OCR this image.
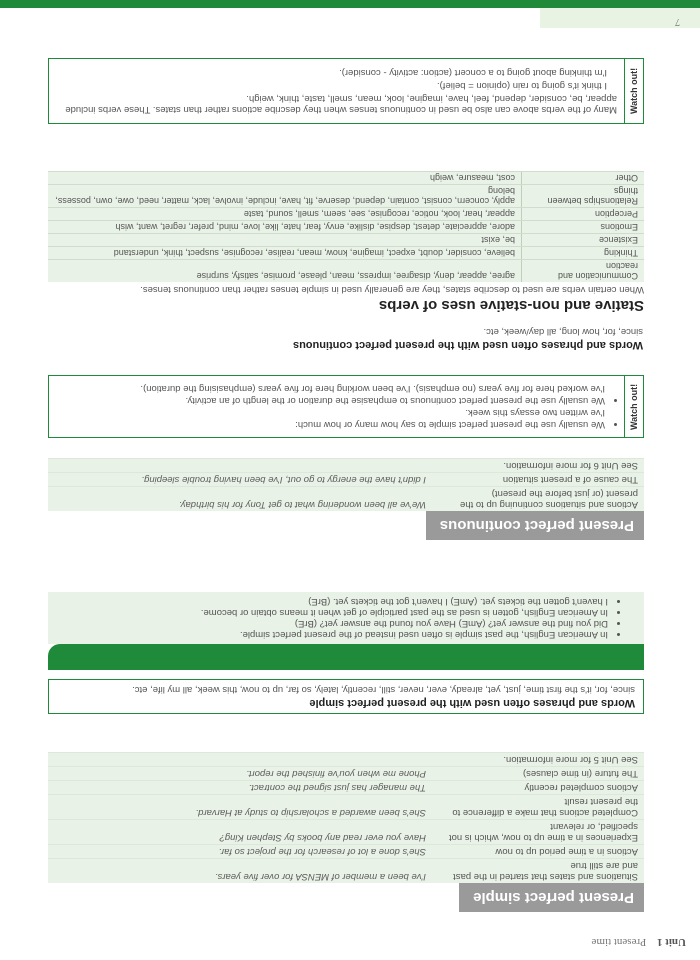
Unit 1 Present time
Present perfect simple
Situations and states that started in the past and are still true	I've been a member of MENSA for over five years.
Actions in a time period up to now	She's done a lot of research for the project so far.
Experiences in a time up to now, which is not specified, or relevant	Have you ever read any books by Stephen King?
Completed actions that make a difference to the present result	She's been awarded a scholarship to study at Harvard.
Actions completed recently	The manager has just signed the contract.
The future (in time clauses)	Phone me when you've finished the report.
See Unit 5 for more information.	
Words and phrases often used with the present perfect simple
since, for, it's the first time, just, yet, already, ever, never, still, recently, lately, so far, up to now, this week, all my life, etc.
• In American English, the past simple is often used instead of the present perfect simple.
• Did you find the answer yet? (AmE) Have you found the answer yet? (BrE)
• In American English, gotten is used as the past participle of get when it means obtain or become.
• I haven't gotten the tickets yet. (AmE) I haven't got the tickets yet. (BrE)
Present perfect continuous
Actions and situations continuing up to the present (or just before the present)	We've all been wondering what to get Tony for his birthday.
The cause of a present situation	I didn't have the energy to go out, I've been having trouble sleeping.
See Unit 6 for more information.	
Watch out!
• We usually use the present perfect simple to say how many or how much:
I've written two essays this week.
• We usually use the present perfect continuous to emphasise the duration or the length of an activity.
I've worked here for five years (no emphasis). I've been working here for five years (emphasising the duration).
Words and phrases often used with the present perfect continuous
since, for, how long, all day/week, etc.
Stative and non-stative uses of verbs

When certain verbs are used to describe states, they are generally used in simple tenses rather than continuous tenses.

Communication and reaction	agree, appear, deny, disagree, impress, mean, please, promise, satisfy, surprise
Thinking	believe, consider, doubt, expect, imagine, know, mean, realise, recognise, suspect, think, understand
Existence	be, exist
Emotions	adore, appreciate, detest, despise, dislike, envy, fear, hate, like, love, mind, prefer, regret, want, wish
Perception	appear, hear, look, notice, recognise, see, seem, smell, sound, taste
Relationships between things	apply, concern, consist, contain, depend, deserve, fit, have, include, involve, lack, matter, need, owe, own, possess, belong
Other	cost, measure, weigh
Watch out!

Many of the verbs above can also be used in continuous tenses when they describe actions rather than states. These verbs include appear, be, consider, depend, feel, have, imagine, look, mean, smell, taste, think, weigh.

I think it's going to rain (opinion = belief).

I'm thinking about going to a concert (action: activity - consider).

7
